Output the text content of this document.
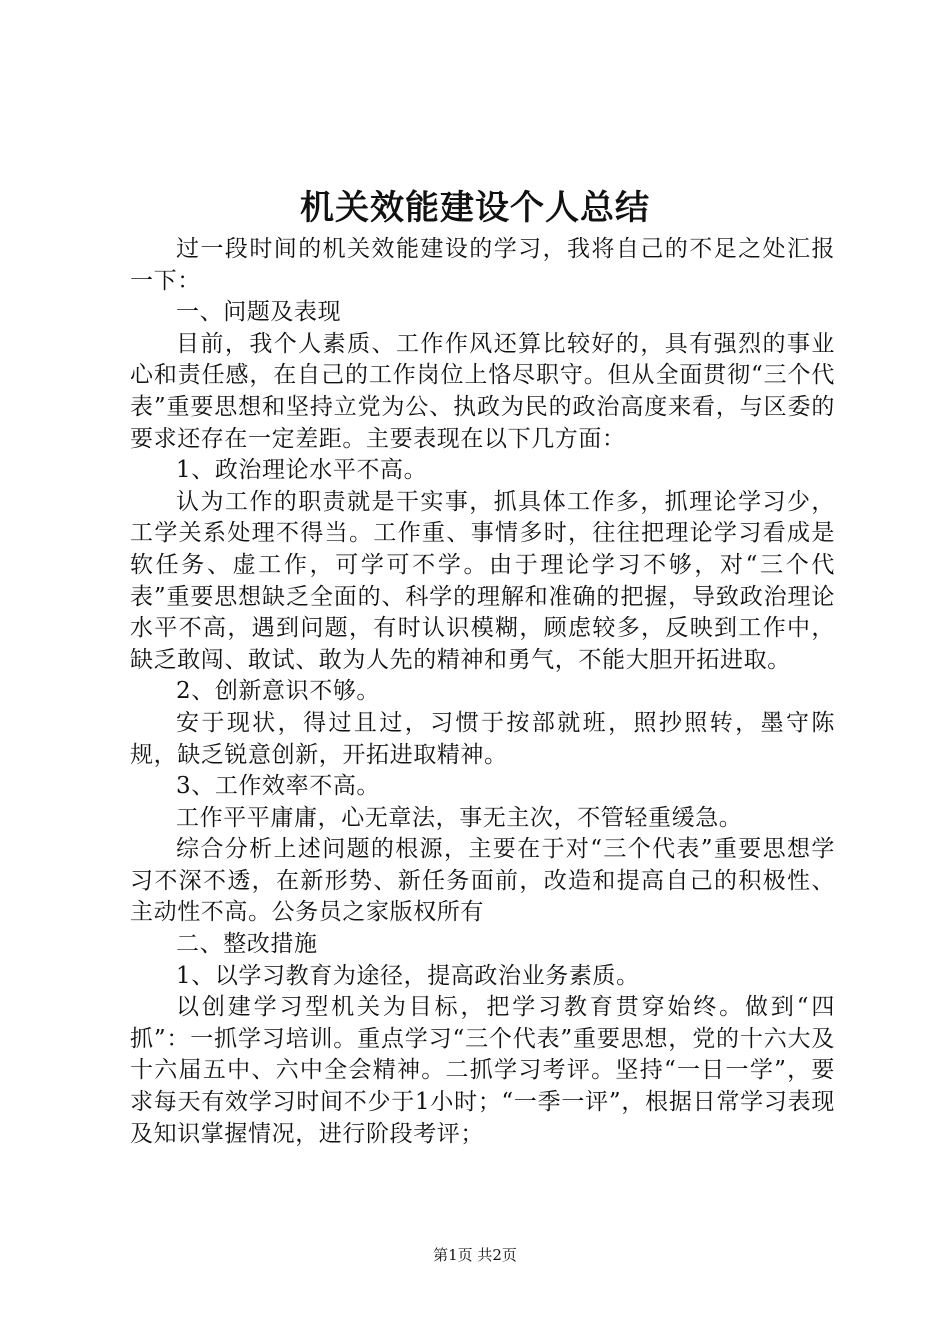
机关效能建设个人总结

过一段时间的机关效能建设的学习，我将自己的不足之处汇报一下：

一、问题及表现

目前，我个人素质、工作作风还算比较好的，具有强烈的事业心和责任感，在自己的工作岗位上恪尽职守。但从全面贯彻“三个代表”重要思想和坚持立党为公、执政为民的政治高度来看，与区委的要求还存在一定差距。主要表现在以下几方面：

1、政治理论水平不高。

认为工作的职责就是干实事，抓具体工作多，抓理论学习少，工学关系处理不得当。工作重、事情多时，往往把理论学习看成是软任务、虚工作，可学可不学。由于理论学习不够，对“三个代表”重要思想缺乏全面的、科学的理解和准确的把握，导致政治理论水平不高，遇到问题，有时认识模糊，顾虑较多，反映到工作中，缺乏敢闯、敢试、敢为人先的精神和勇气，不能大胆开拓进取。

2、创新意识不够。

安于现状，得过且过，习惯于按部就班，照抄照转，墨守陈规，缺乏锐意创新，开拓进取精神。

3、工作效率不高。

工作平平庸庸，心无章法，事无主次，不管轻重缓急。

综合分析上述问题的根源，主要在于对“三个代表”重要思想学习不深不透，在新形势、新任务面前，改造和提高自己的积极性、主动性不高。公务员之家版权所有

二、整改措施

1、以学习教育为途径，提高政治业务素质。

以创建学习型机关为目标，把学习教育贯穿始终。做到“四抓”：一抓学习培训。重点学习“三个代表”重要思想，党的十六大及十六届五中、六中全会精神。二抓学习考评。坚持“一日一学”，要求每天有效学习时间不少于1小时；“一季一评”，根据日常学习表现及知识掌握情况，进行阶段考评；

第1页 共2页
